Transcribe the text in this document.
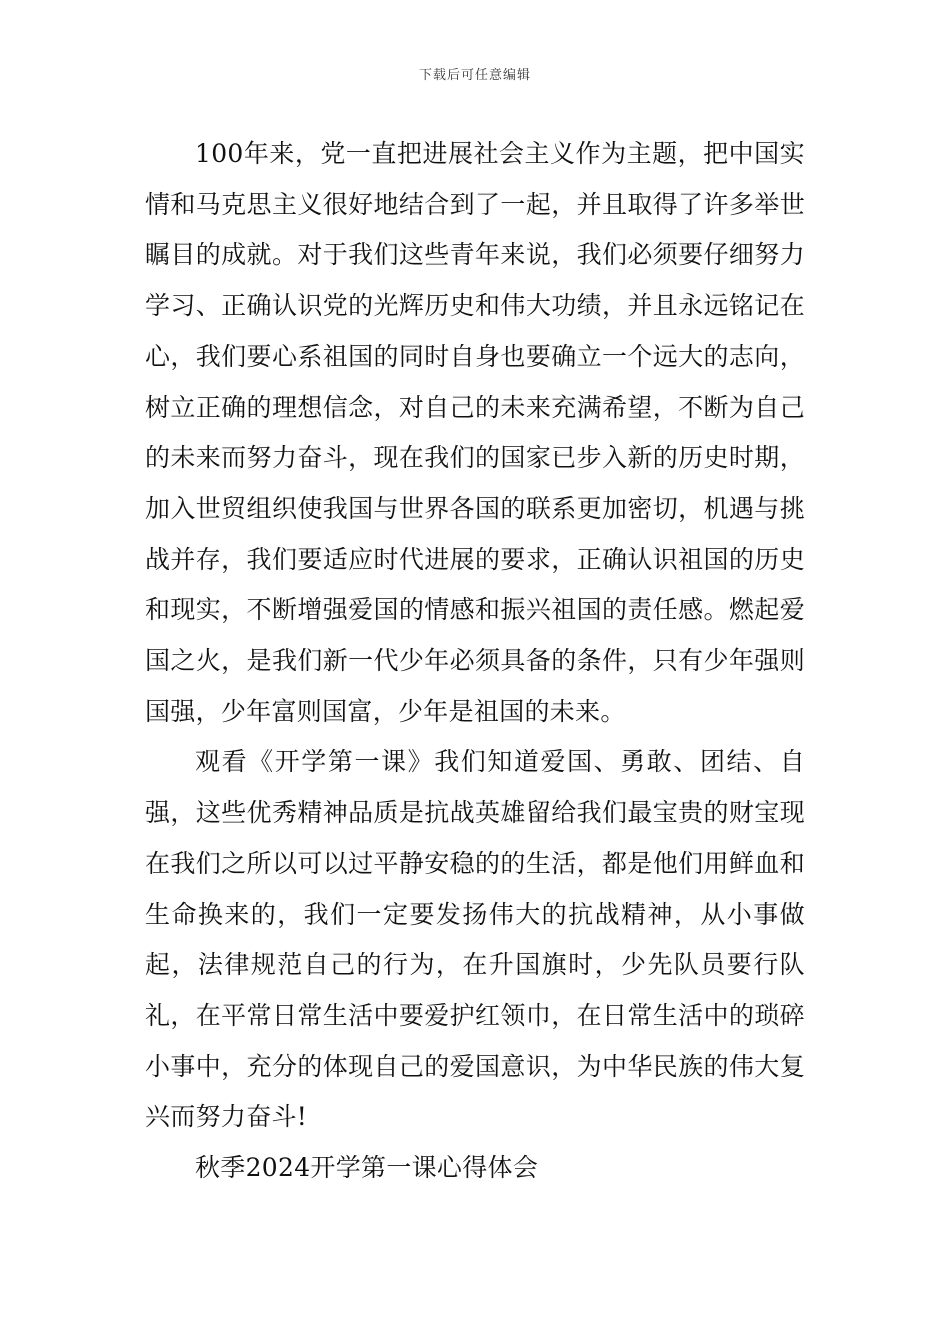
下载后可任意编辑

100年来，党一直把进展社会主义作为主题，把中国实情和马克思主义很好地结合到了一起，并且取得了许多举世瞩目的成就。对于我们这些青年来说，我们必须要仔细努力学习、正确认识党的光辉历史和伟大功绩，并且永远铭记在心，我们要心系祖国的同时自身也要确立一个远大的志向，树立正确的理想信念，对自己的未来充满希望，不断为自己的未来而努力奋斗，现在我们的国家已步入新的历史时期，加入世贸组织使我国与世界各国的联系更加密切，机遇与挑战并存，我们要适应时代进展的要求，正确认识祖国的历史和现实，不断增强爱国的情感和振兴祖国的责任感。燃起爱国之火，是我们新一代少年必须具备的条件，只有少年强则国强，少年富则国富，少年是祖国的未来。

观看《开学第一课》我们知道爱国、勇敢、团结、自强，这些优秀精神品质是抗战英雄留给我们最宝贵的财宝现在我们之所以可以过平静安稳的的生活，都是他们用鲜血和生命换来的，我们一定要发扬伟大的抗战精神，从小事做起，法律规范自己的行为，在升国旗时，少先队员要行队礼，在平常日常生活中要爱护红领巾，在日常生活中的琐碎小事中，充分的体现自己的爱国意识，为中华民族的伟大复兴而努力奋斗!

秋季2024开学第一课心得体会
